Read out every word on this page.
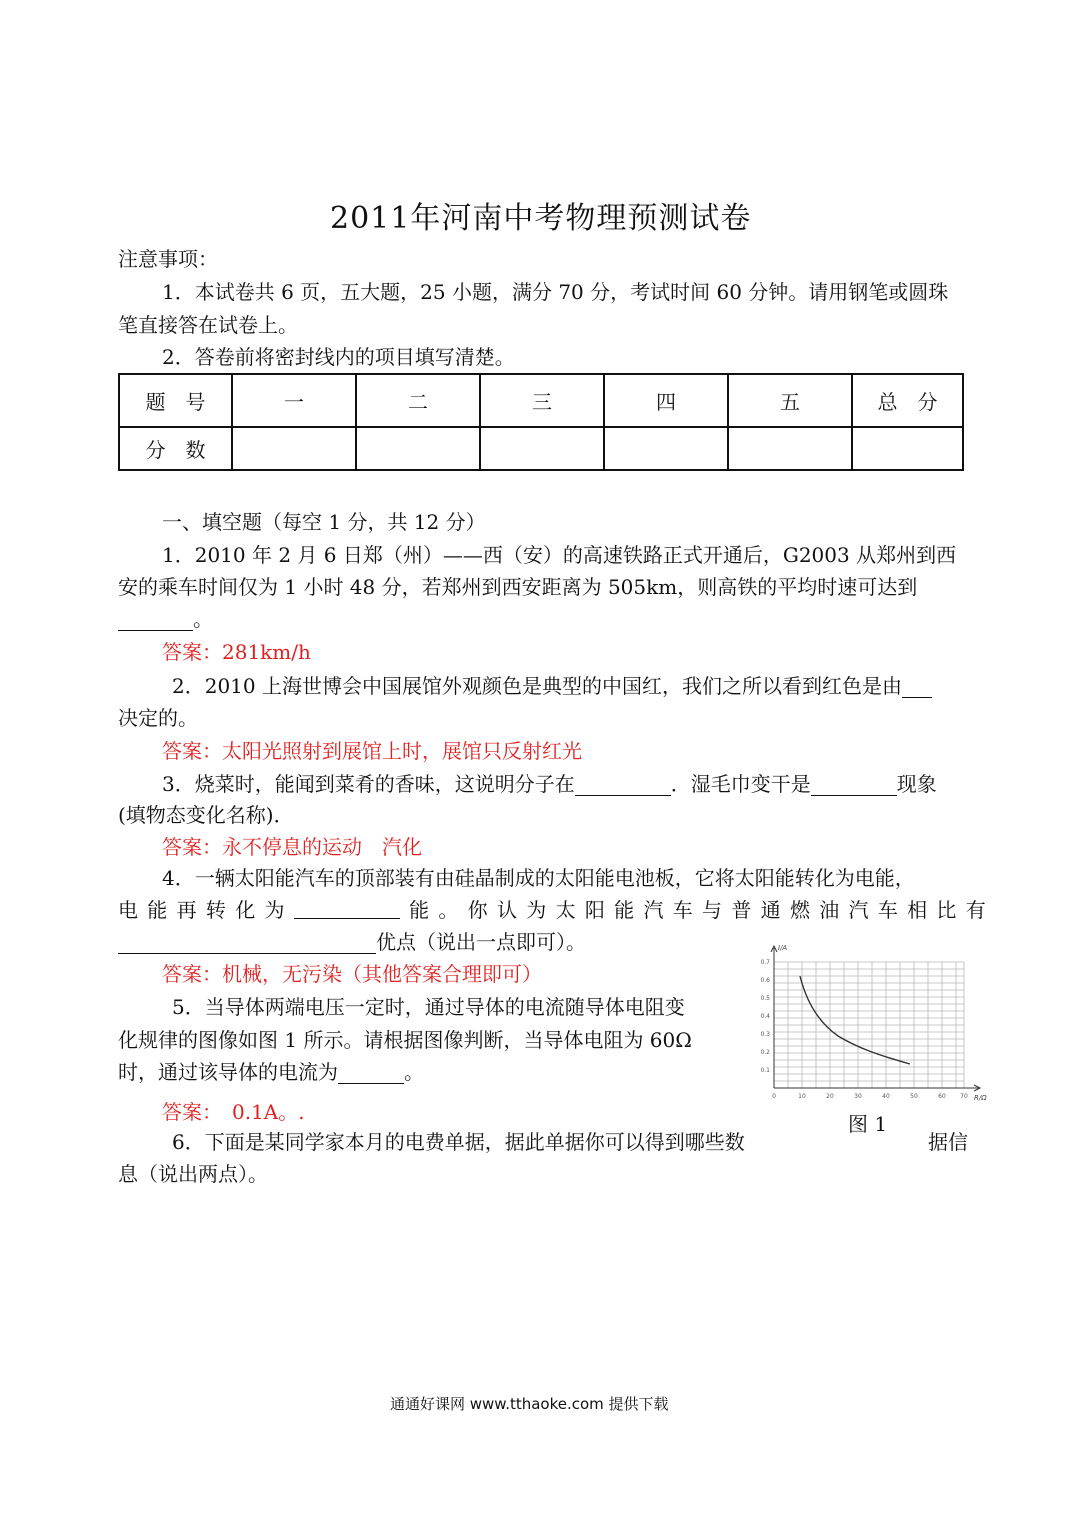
2011年河南中考物理预测试卷
注意事项：
1．本试卷共 6 页，五大题，25 小题，满分 70 分，考试时间 60 分钟。请用钢笔或圆珠
笔直接答在试卷上。
2．答卷前将密封线内的项目填写清楚。
题　号	一	二	三	四	五	总　分
分　数						
一、填空题（每空 1 分，共 12 分）
1．2010 年 2 月 6 日郑（州）——西（安）的高速铁路正式开通后，G2003 从郑州到西
安的乘车时间仅为 1 小时 48 分，若郑州到西安距离为 505km，则高铁的平均时速可达到
。
答案：281km/h
2．2010 上海世博会中国展馆外观颜色是典型的中国红，我们之所以看到红色是由
决定的。
答案：太阳光照射到展馆上时，展馆只反射红光
3．烧菜时，能闻到菜肴的香味，这说明分子在	．湿毛巾变干是	现象
(填物态变化名称)．
答案：永不停息的运动　汽化
4．一辆太阳能汽车的顶部装有由硅晶制成的太阳能电池板，它将太阳能转化为电能，
电 能 再 转 化 为	能 。 你 认 为 太 阳 能 汽 车 与 普 通 燃 油 汽 车 相 比 有
优点（说出一点即可）。
答案：机械，无污染（其他答案合理即可）
5．当导体两端电压一定时，通过导体的电流随导体电阻变
化规律的图像如图 1 所示。请根据图像判断，当导体电阻为 60Ω
时，通过该导体的电流为	。
答案：　0.1A。.
6．下面是某同学家本月的电费单据，据此单据你可以得到哪些数	据信
息（说出两点）。
I/A
R/Ω
0.7
0.6
0.5
0.4
0.3
0.2
0.1
0	10	20	30	40	50	60 70
图 1
通通好课网 www.tthaoke.com 提供下载
